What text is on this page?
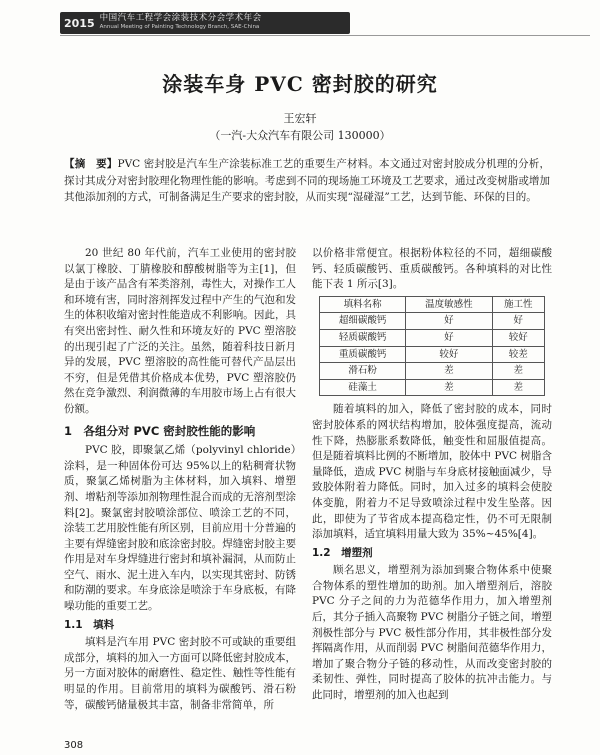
2015 中国汽车工程学会涂装技术分会学术年会
Annual Meeting of Painting Technology Branch, SAE-China
涂装车身 PVC 密封胶的研究
王宏轩
（一汽-大众汽车有限公司 130000）
【摘　要】PVC 密封胶是汽车生产涂装标准工艺的重要生产材料。本文通过对密封胶成分机理的分析，探讨其成分对密封胶理化物理性能的影响。考虑到不同的现场施工环境及工艺要求，通过改变树脂或增加其他添加剂的方式，可制备满足生产要求的密封胶，从而实现“湿碰湿”工艺，达到节能、环保的目的。

20 世纪 80 年代前，汽车工业使用的密封胶以氯丁橡胶、丁腈橡胶和醇酸树脂等为主[1]，但是由于该产品含有苯类溶剂，毒性大，对操作工人和环境有害，同时溶剂挥发过程中产生的气泡和发生的体积收缩对密封性能造成不利影响。因此，具有突出密封性、耐久性和环境友好的 PVC 塑溶胶的出现引起了广泛的关注。虽然，随着科技日新月异的发展，PVC 塑溶胶的高性能可替代产品层出不穷，但是凭借其价格成本优势，PVC 塑溶胶仍然在竞争激烈、利润微薄的车用胶市场上占有很大份额。

1　各组分对 PVC 密封胶性能的影响

PVC 胶，即聚氯乙烯（polyvinyl chloride）涂料，是一种固体份可达 95%以上的粘稠膏状物质，聚氯乙烯树脂为主体材料，加入填料、增塑剂、增粘剂等添加剂物理性混合而成的无溶剂型涂料[2]。聚氯密封胶喷涂部位、喷涂工艺的不同，涂装工艺用胶性能有所区别，目前应用十分普遍的主要有焊缝密封胶和底涂密封胶。焊缝密封胶主要作用是对车身焊缝进行密封和填补漏洞，从而防止空气、雨水、泥土进入车内，以实现其密封、防锈和防潮的要求。车身底涂是喷涂于车身底板，有降噪功能的重要工艺。

1.1　填料

填料是汽车用 PVC 密封胶不可或缺的重要组成部分，填料的加入一方面可以降低密封胶成本，另一方面对胶体的耐磨性、稳定性、触性等性能有明显的作用。目前常用的填料为碳酸钙、滑石粉等，碳酸钙储量极其丰富，制备非常简单，所

以价格非常便宜。根据粉体粒径的不同，超细碳酸钙、轻质碳酸钙、重质碳酸钙。各种填料的对比性能下表 1 所示[3]。

填料名称	温度敏感性	施工性
超细碳酸钙	好	好
轻质碳酸钙	好	较好
重质碳酸钙	较好	较差
滑石粉	差	差
硅藻土	差	差

随着填料的加入，降低了密封胶的成本，同时密封胶体系的网状结构增加，胶体强度提高，流动性下降，热膨胀系数降低，触变性和屈服值提高。但是随着填料比例的不断增加，胶体中 PVC 树脂含量降低，造成 PVC 树脂与车身底材接触面减少，导致胶体附着力降低。同时，加入过多的填料会使胶体变脆，附着力不足导致喷涂过程中发生坠落。因此，即使为了节省成本提高稳定性，仍不可无限制添加填料，适宜填料用量大致为 35%~45%[4]。

1.2　增塑剂

顾名思义，增塑剂为添加到聚合物体系中使聚合物体系的塑性增加的助剂。加入增塑剂后，溶胶 PVC 分子之间的力为范德华作用力，加入增塑剂后，其分子插入高聚物 PVC 树脂分子链之间，增塑剂极性部分与 PVC 极性部分作用，其非极性部分发挥隔离作用，从而削弱 PVC 树脂间范德华作用力，增加了聚合物分子链的移动性，从而改变密封胶的柔韧性、弹性，同时提高了胶体的抗冲击能力。与此同时，增塑剂的加入也起到

308
